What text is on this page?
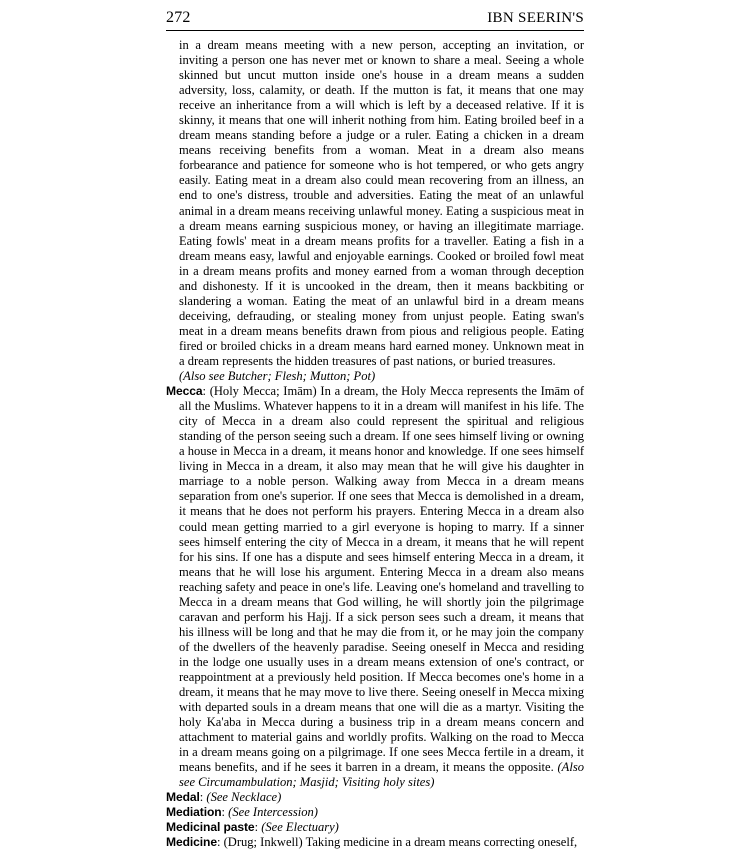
272	IBN SEERIN'S

in a dream means meeting with a new person, accepting an invitation, or inviting a person one has never met or known to share a meal. Seeing a whole skinned but uncut mutton inside one's house in a dream means a sudden adversity, loss, calamity, or death. If the mutton is fat, it means that one may receive an inheritance from a will which is left by a deceased relative. If it is skinny, it means that one will inherit nothing from him. Eating broiled beef in a dream means standing before a judge or a ruler. Eating a chicken in a dream means receiving benefits from a woman. Meat in a dream also means forbearance and patience for someone who is hot tempered, or who gets angry easily. Eating meat in a dream also could mean recovering from an illness, an end to one's distress, trouble and adversities. Eating the meat of an unlawful animal in a dream means receiving unlawful money. Eating a suspicious meat in a dream means earning suspicious money, or having an illegitimate marriage. Eating fowls' meat in a dream means profits for a traveller. Eating a fish in a dream means easy, lawful and enjoyable earnings. Cooked or broiled fowl meat in a dream means profits and money earned from a woman through deception and dishonesty. If it is uncooked in the dream, then it means backbiting or slandering a woman. Eating the meat of an unlawful bird in a dream means deceiving, defrauding, or stealing money from unjust people. Eating swan's meat in a dream means benefits drawn from pious and religious people. Eating fired or broiled chicks in a dream means hard earned money. Unknown meat in a dream represents the hidden treasures of past nations, or buried treasures.

(Also see Butcher; Flesh; Mutton; Pot)

Mecca: (Holy Mecca; Imām) In a dream, the Holy Mecca represents the Imām of all the Muslims. Whatever happens to it in a dream will manifest in his life. The city of Mecca in a dream also could represent the spiritual and religious standing of the person seeing such a dream. If one sees himself living or owning a house in Mecca in a dream, it means honor and knowledge. If one sees himself living in Mecca in a dream, it also may mean that he will give his daughter in marriage to a noble person. Walking away from Mecca in a dream means separation from one's superior. If one sees that Mecca is demolished in a dream, it means that he does not perform his prayers. Entering Mecca in a dream also could mean getting married to a girl everyone is hoping to marry. If a sinner sees himself entering the city of Mecca in a dream, it means that he will repent for his sins. If one has a dispute and sees himself entering Mecca in a dream, it means that he will lose his argument. Entering Mecca in a dream also means reaching safety and peace in one's life. Leaving one's homeland and travelling to Mecca in a dream means that God willing, he will shortly join the pilgrimage caravan and perform his Hajj. If a sick person sees such a dream, it means that his illness will be long and that he may die from it, or he may join the company of the dwellers of the heavenly paradise. Seeing oneself in Mecca and residing in the lodge one usually uses in a dream means extension of one's contract, or reappointment at a previously held position. If Mecca becomes one's home in a dream, it means that he may move to live there. Seeing oneself in Mecca mixing with departed souls in a dream means that one will die as a martyr. Visiting the holy Ka'aba in Mecca during a business trip in a dream means concern and attachment to material gains and worldly profits. Walking on the road to Mecca in a dream means going on a pilgrimage. If one sees Mecca fertile in a dream, it means benefits, and if he sees it barren in a dream, it means the opposite. (Also see Circumambulation; Masjid; Visiting holy sites)

Medal: (See Necklace)

Mediation: (See Intercession)

Medicinal paste: (See Electuary)

Medicine: (Drug; Inkwell) Taking medicine in a dream means correcting oneself,
